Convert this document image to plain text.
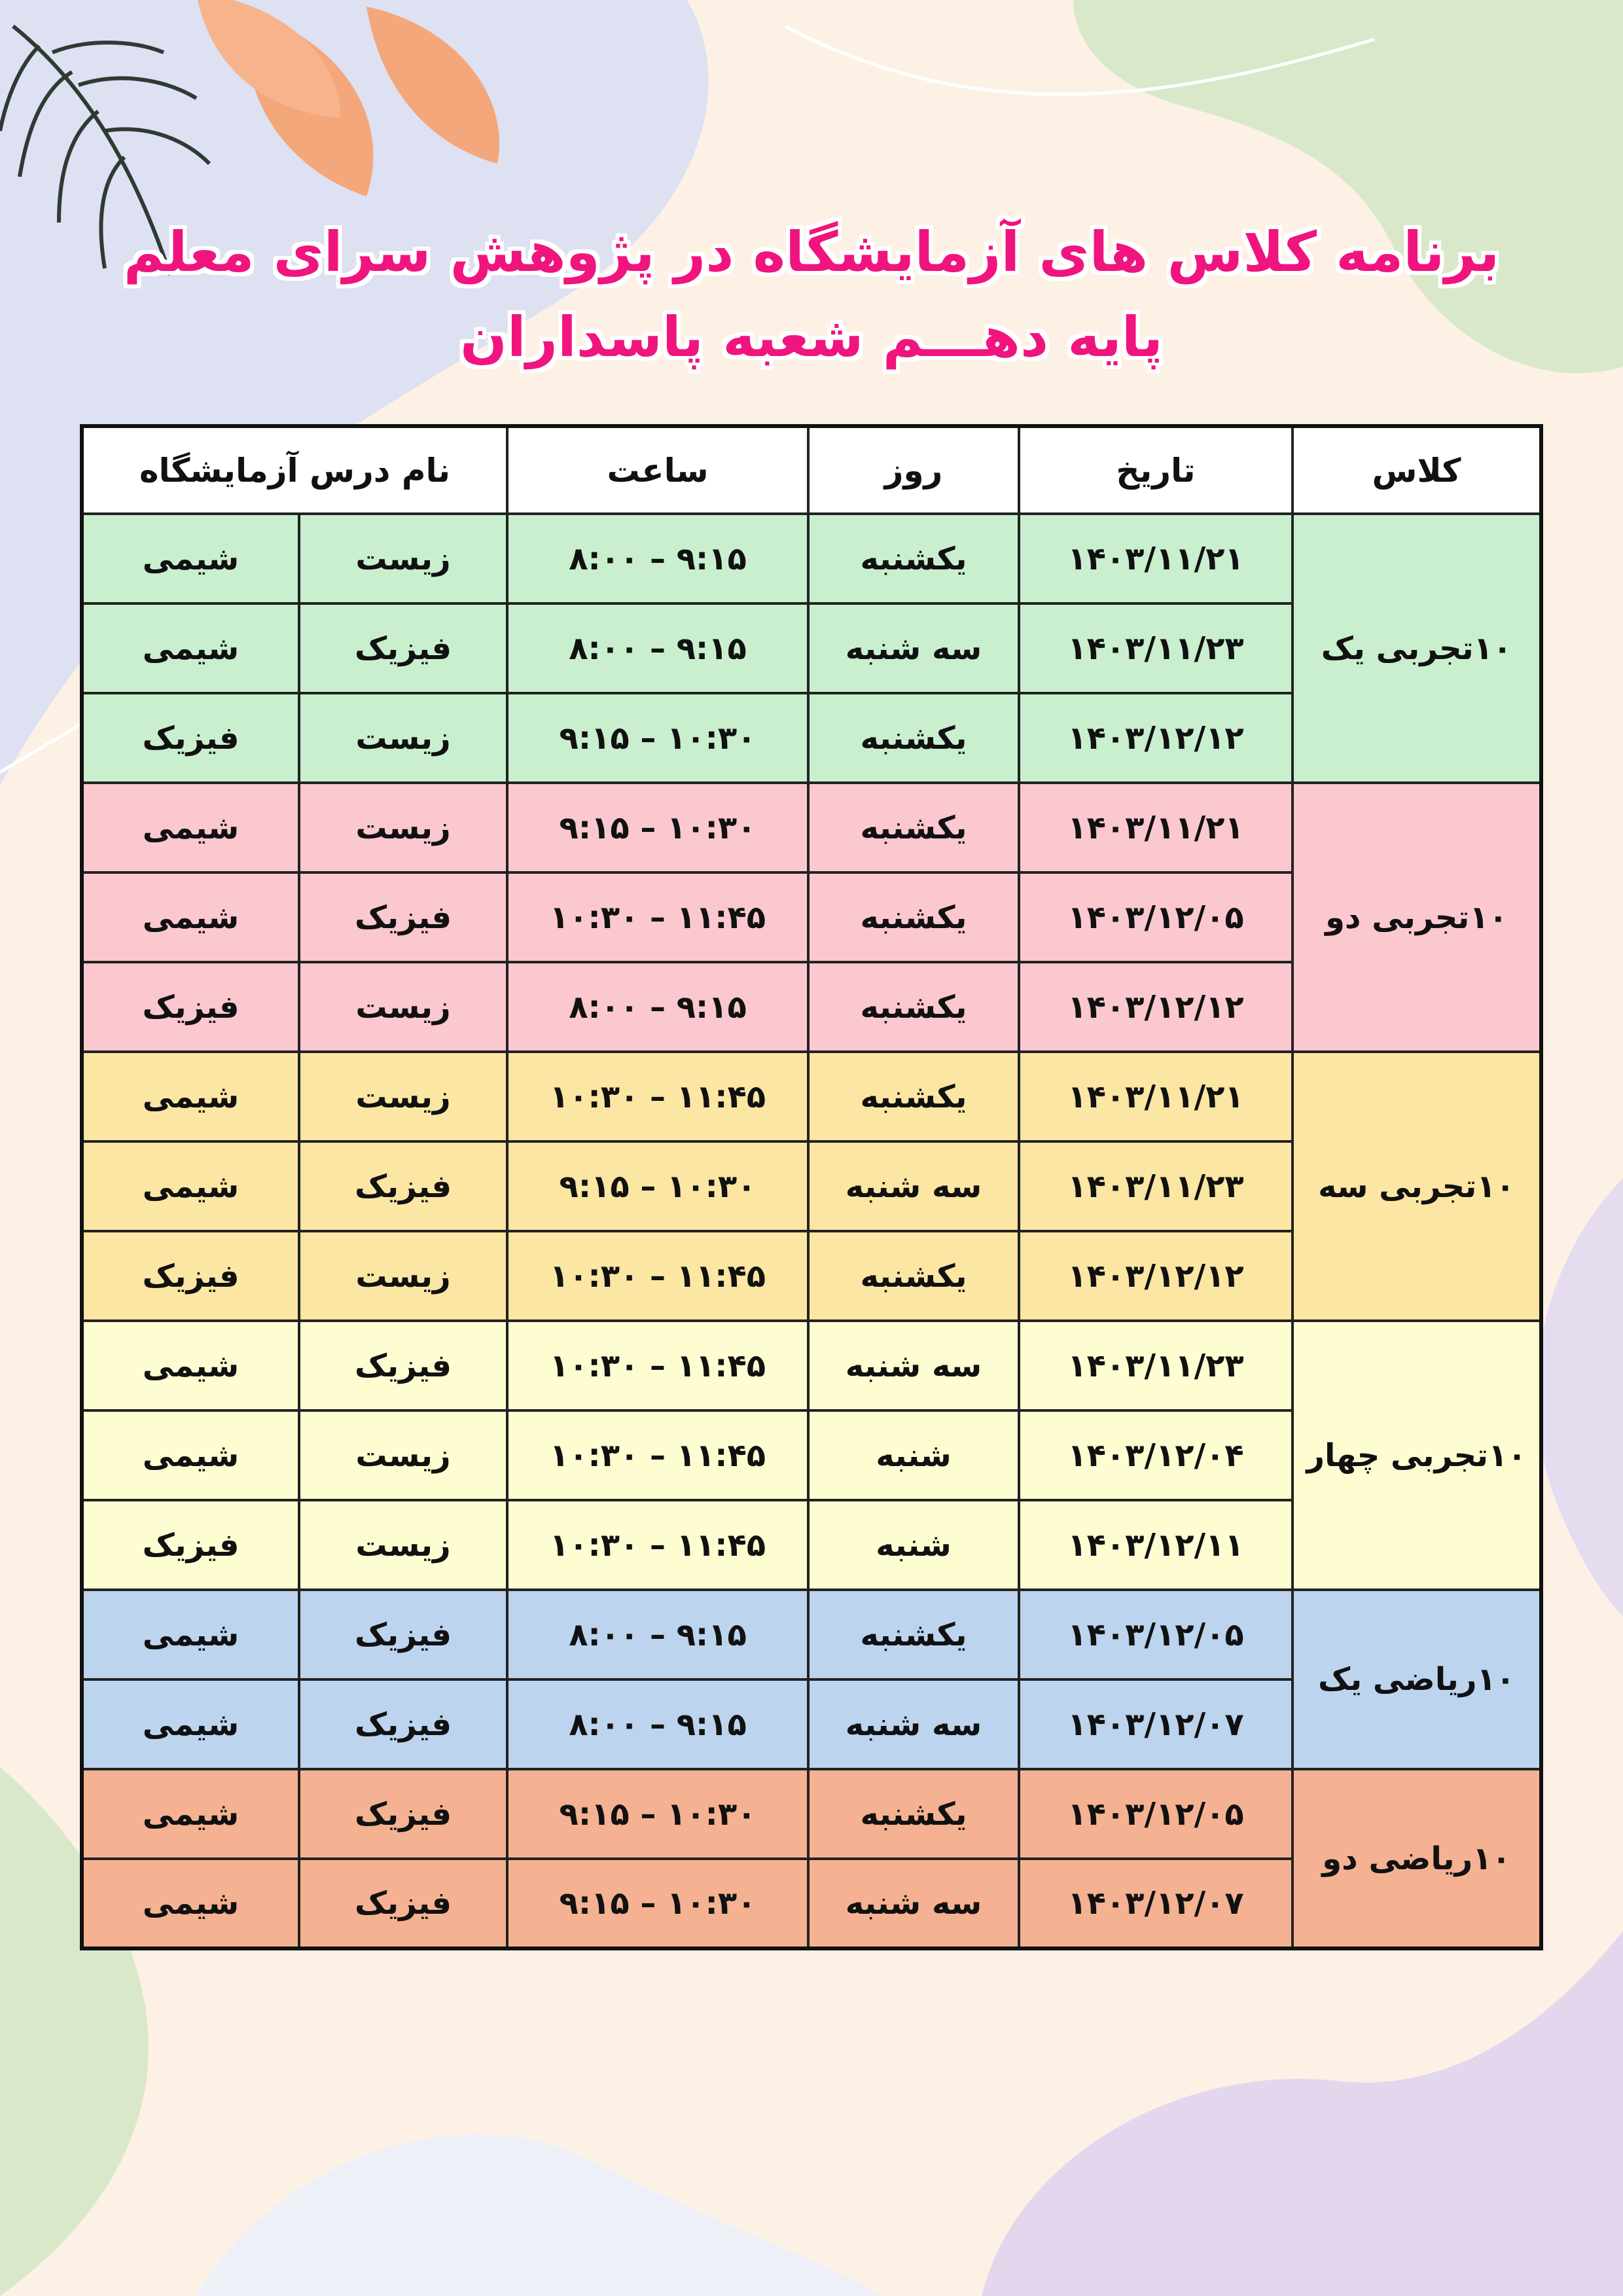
برنامه کلاس های آزمایشگاه در پژوهش سرای معلم
پایه دهـــم شعبه پاسداران
کلاس	تاریخ	روز	ساعت	نام درس آزمایشگاه	
۱۰تجربی یک	۱۴۰۳/۱۱/۲۱	یکشنبه	۸:۰۰ – ۹:۱۵	زیست	شیمی
	۱۴۰۳/۱۱/۲۳	سه شنبه	۸:۰۰ – ۹:۱۵	فیزیک	شیمی
	۱۴۰۳/۱۲/۱۲	یکشنبه	۹:۱۵ – ۱۰:۳۰	زیست	فیزیک
۱۰تجربی دو	۱۴۰۳/۱۱/۲۱	یکشنبه	۹:۱۵ – ۱۰:۳۰	زیست	شیمی
	۱۴۰۳/۱۲/۰۵	یکشنبه	۱۰:۳۰ – ۱۱:۴۵	فیزیک	شیمی
	۱۴۰۳/۱۲/۱۲	یکشنبه	۸:۰۰ – ۹:۱۵	زیست	فیزیک
۱۰تجربی سه	۱۴۰۳/۱۱/۲۱	یکشنبه	۱۰:۳۰ – ۱۱:۴۵	زیست	شیمی
	۱۴۰۳/۱۱/۲۳	سه شنبه	۹:۱۵ – ۱۰:۳۰	فیزیک	شیمی
	۱۴۰۳/۱۲/۱۲	یکشنبه	۱۰:۳۰ – ۱۱:۴۵	زیست	فیزیک
۱۰تجربی چهار	۱۴۰۳/۱۱/۲۳	سه شنبه	۱۰:۳۰ – ۱۱:۴۵	فیزیک	شیمی
	۱۴۰۳/۱۲/۰۴	شنبه	۱۰:۳۰ – ۱۱:۴۵	زیست	شیمی
	۱۴۰۳/۱۲/۱۱	شنبه	۱۰:۳۰ – ۱۱:۴۵	زیست	فیزیک
۱۰ریاضی یک	۱۴۰۳/۱۲/۰۵	یکشنبه	۸:۰۰ – ۹:۱۵	فیزیک	شیمی
	۱۴۰۳/۱۲/۰۷	سه شنبه	۸:۰۰ – ۹:۱۵	فیزیک	شیمی
۱۰ریاضی دو	۱۴۰۳/۱۲/۰۵	یکشنبه	۹:۱۵ – ۱۰:۳۰	فیزیک	شیمی
	۱۴۰۳/۱۲/۰۷	سه شنبه	۹:۱۵ – ۱۰:۳۰	فیزیک	شیمی
